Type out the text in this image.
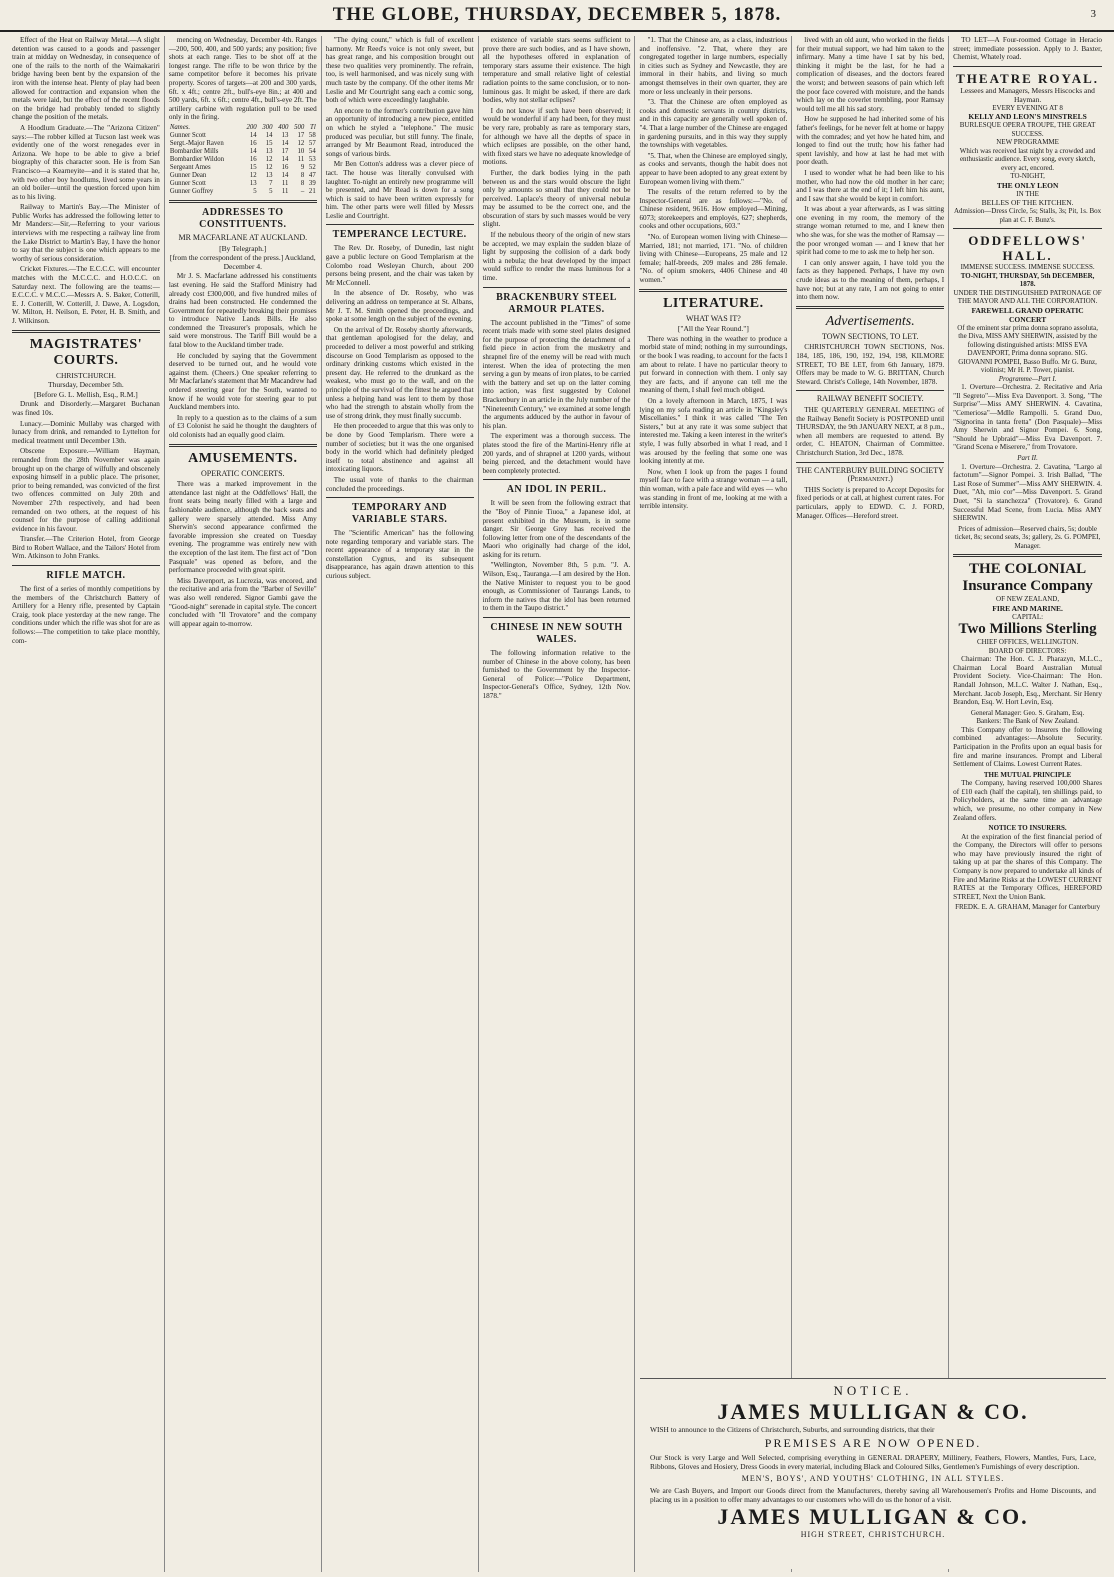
THE GLOBE, THURSDAY, DECEMBER 5, 1878.	3

Effect of the Heat on Railway Metal.—A slight detention was caused to a goods and passenger train at midday on Wednesday, in consequence of one of the rails to the north of the Waimakariri bridge having been bent by the expansion of the iron with the intense heat. Plenty of play had been allowed for contraction and expansion when the metals were laid, but the effect of the recent floods on the bridge had probably tended to slightly change the position of the metals.

A Hoodlum Graduate.—The "Arizona Citizen" says:—The robber killed at Tucson last week was evidently one of the worst renegades ever in Arizona. We hope to be able to give a brief biography of this character soon. He is from San Francisco—a Kearneyite—and it is stated that he, with two other boy hoodlums, lived some years in an old boiler—until the question forced upon him as to his living.

Railway to Martin's Bay.—The Minister of Public Works has addressed the following letter to Mr Manders:—Sir,—Referring to your various interviews with me respecting a railway line from the Lake District to Martin's Bay, I have the honor to say that the subject is one which appears to me worthy of serious consideration.

Cricket Fixtures.—The E.C.C.C. will encounter matches with the M.C.C.C. and H.O.C.C. on Saturday next. The following are the teams:—E.C.C.C. v M.C.C.—Messrs A. S. Baker, Cotterill, E. J. Cotterill, W. Cotterill, J. Dawe, A. Logsdon, W. Milton, H. Neilson, E. Peter, H. B. Smith, and J. Wilkinson.

MAGISTRATES' COURTS.
CHRISTCHURCH.
Thursday, December 5th.
[Before G. L. Mellish, Esq., R.M.]

Drunk and Disorderly.—Margaret Buchanan was fined 10s.

Lunacy.—Dominic Mullaby was charged with lunacy from drink, and remanded to Lyttelton for medical treatment until December 13th.

Obscene Exposure.—William Hayman, remanded from the 28th November was again brought up on the charge of wilfully and obscenely exposing himself in a public place. The prisoner, prior to being remanded, was convicted of the first two offences committed on July 20th and November 27th respectively, and had been remanded on two others, at the request of his counsel for the purpose of calling additional evidence in his favour.

Transfer.—The Criterion Hotel, from George Bird to Robert Wallace, and the Tailors' Hotel from Wm. Atkinson to John Franks.

RIFLE MATCH.

The first of a series of monthly competitions by the members of the Christchurch Battery of Artillery for a Henry rifle, presented by Captain Craig, took place yesterday at the new range. The conditions under which the rifle was shot for are as follows:—The competition to take place monthly, com-

mencing on Wednesday, December 4th. Ranges—200, 500, 400, and 500 yards; any position; five shots at each range. Ties to be shot off at the longest range. The rifle to be won thrice by the same competitor before it becomes his private property. Scores of targets—at 200 and 300 yards, 6ft. x 4ft.; centre 2ft., bull's-eye 8in.; at 400 and 500 yards, 6ft. x 6ft.; centre 4ft., bull's-eye 2ft. The artillery carbine with regulation pull to be used only in the firing.

Names.	200	300	400	500	Tl
Gunner Scott	14	14	13	17	58
Sergt.-Major Raven	16	15	14	12	57
Bombardier Mills	14	13	17	10	54
Bombardier Wildon	16	12	14	11	53
Sergeant Ames	15	12	16	9	52
Gunner Dean	12	13	14	8	47
Gunner Scott	13	7	11	8	39
Gunner Goffrey	5	5	11	–	21
ADDRESSES TO CONSTITUENTS.
MR MACFARLANE AT AUCKLAND.
[By Telegraph.]
[from the correspondent of the press.] Auckland, December 4.

Mr J. S. Macfarlane addressed his constituents last evening. He said the Stafford Ministry had already cost £300,000, and five hundred miles of drains had been constructed. He condemned the Government for repeatedly breaking their promises to introduce Native Lands Bills. He also condemned the Treasurer's proposals, which he said were monstrous. The Tariff Bill would be a fatal blow to the Auckland timber trade.

He concluded by saying that the Government deserved to be turned out, and he would vote against them. (Cheers.) One speaker referring to Mr Macfarlane's statement that Mr Macandrew had ordered steering gear for the South, wanted to know if he would vote for steering gear to put Auckland members into.

In reply to a question as to the claims of a sum of £3 Colonist he said he thought the daughters of old colonists had an equally good claim.

AMUSEMENTS.
OPERATIC CONCERTS.

There was a marked improvement in the attendance last night at the Oddfellows' Hall, the front seats being nearly filled with a large and fashionable audience, although the back seats and gallery were sparsely attended. Miss Amy Sherwin's second appearance confirmed the favorable impression she created on Tuesday evening. The programme was entirely new with the exception of the last item. The first act of "Don Pasquale" was opened as before, and the performance proceeded with great spirit.

Miss Davenport, as Lucrezia, was encored, and the recitative and aria from the "Barber of Seville" was also well rendered. Signor Gambi gave the "Good-night" serenade in capital style. The concert concluded with "Il Trovatore" and the company will appear again to-morrow.

"The dying count," which is full of excellent harmony. Mr Reed's voice is not only sweet, but has great range, and his composition brought out these two qualities very prominently. The refrain, too, is well harmonised, and was nicely sung with much taste by the company. Of the other items Mr Leslie and Mr Courtright sang each a comic song, both of which were exceedingly laughable.

An encore to the former's contribution gave him an opportunity of introducing a new piece, entitled on which he styled a "telephone." The music produced was peculiar, but still funny. The finale, arranged by Mr Beaumont Read, introduced the songs of various birds.

Mr Ben Cotton's address was a clever piece of tact. The house was literally convulsed with laughter. To-night an entirely new programme will be presented, and Mr Read is down for a song which is said to have been written expressly for him. The other parts were well filled by Messrs Leslie and Courtright.

TEMPERANCE LECTURE.

The Rev. Dr. Roseby, of Dunedin, last night gave a public lecture on Good Templarism at the Colombo road Wesleyan Church, about 200 persons being present, and the chair was taken by Mr McConnell.

In the absence of Dr. Roseby, who was delivering an address on temperance at St. Albans, Mr J. T. M. Smith opened the proceedings, and spoke at some length on the subject of the evening.

On the arrival of Dr. Roseby shortly afterwards, that gentleman apologised for the delay, and proceeded to deliver a most powerful and striking discourse on Good Templarism as opposed to the ordinary drinking customs which existed in the present day. He referred to the drunkard as the weakest, who must go to the wall, and on the principle of the survival of the fittest he argued that unless a helping hand was lent to them by those who had the strength to abstain wholly from the use of strong drink, they must finally succumb.

He then proceeded to argue that this was only to be done by Good Templarism. There were a number of societies; but it was the one organised body in the world which had definitely pledged itself to total abstinence and against all intoxicating liquors.

The usual vote of thanks to the chairman concluded the proceedings.

TEMPORARY AND VARIABLE STARS.

The "Scientific American" has the following note regarding temporary and variable stars. The recent appearance of a temporary star in the constellation Cygnus, and its subsequent disappearance, has again drawn attention to this curious subject.

existence of variable stars seems sufficient to prove there are such bodies, and as I have shown, all the hypotheses offered in explanation of temporary stars assume their existence. The high temperature and small relative light of celestial radiation points to the same conclusion, or to non-luminous gas. It might be asked, if there are dark bodies, why not stellar eclipses?

I do not know if such have been observed; it would be wonderful if any had been, for they must be very rare, probably as rare as temporary stars, for although we have all the depths of space in which eclipses are possible, on the other hand, with fixed stars we have no adequate knowledge of motions.

Further, the dark bodies lying in the path between us and the stars would obscure the light only by amounts so small that they could not be perceived. Laplace's theory of universal nebulæ may be assumed to be the correct one, and the obscuration of stars by such masses would be very slight.

If the nebulous theory of the origin of new stars be accepted, we may explain the sudden blaze of light by supposing the collision of a dark body with a nebula; the heat developed by the impact would suffice to render the mass luminous for a time.

BRACKENBURY STEEL ARMOUR PLATES.

The account published in the "Times" of some recent trials made with some steel plates designed for the purpose of protecting the detachment of a field piece in action from the musketry and shrapnel fire of the enemy will be read with much interest. When the idea of protecting the men serving a gun by means of iron plates, to be carried with the battery and set up on the latter coming into action, was first suggested by Colonel Brackenbury in an article in the July number of the "Nineteenth Century," we examined at some length the arguments adduced by the author in favour of his plan.

The experiment was a thorough success. The plates stood the fire of the Martini-Henry rifle at 200 yards, and of shrapnel at 1200 yards, without being pierced, and the detachment would have been completely protected.

AN IDOL IN PERIL.

It will be seen from the following extract that the "Boy of Pinnie Tiuoa," a Japanese idol, at present exhibited in the Museum, is in some danger. Sir George Grey has received the following letter from one of the descendants of the Maori who originally had charge of the idol, asking for its return.

"Wellington, November 8th, 5 p.m. "J. A. Wilson, Esq., Tauranga.—I am desired by the Hon. the Native Minister to request you to be good enough, as Commissioner of Taurangs Lands, to inform the natives that the idol has been returned to them in the Taupo district."

CHINESE IN NEW SOUTH WALES.

The following information relative to the number of Chinese in the above colony, has been furnished to the Government by the Inspector-General of Police:—"Police Department, Inspector-General's Office, Sydney, 12th Nov. 1878."

"1. That the Chinese are, as a class, industrious and inoffensive. "2. That, where they are congregated together in large numbers, especially in cities such as Sydney and Newcastle, they are immoral in their habits, and living so much amongst themselves in their own quarter, they are more or less uncleanly in their persons.

"3. That the Chinese are often employed as cooks and domestic servants in country districts, and in this capacity are generally well spoken of. "4. That a large number of the Chinese are engaged in gardening pursuits, and in this way they supply the townships with vegetables.

"5. That, when the Chinese are employed singly, as cooks and servants, though the habit does not appear to have been adopted to any great extent by European women living with them."

The results of the return referred to by the Inspector-General are as follows:—"No. of Chinese resident, 9616. How employed—Mining, 6073; storekeepers and employés, 627; shepherds, cooks and other occupations, 603."

"No. of European women living with Chinese—Married, 181; not married, 171. "No. of children living with Chinese—Europeans, 25 male and 12 female; half-breeds, 209 males and 286 female. "No. of opium smokers, 4406 Chinese and 40 women."

LITERATURE.
WHAT WAS IT?
["All the Year Round."]

There was nothing in the weather to produce a morbid state of mind; nothing in my surroundings, or the book I was reading, to account for the facts I am about to relate. I have no particular theory to put forward in connection with them. I only say they are facts, and if anyone can tell me the meaning of them, I shall feel much obliged.

On a lovely afternoon in March, 1875, I was lying on my sofa reading an article in "Kingsley's Miscellanies." I think it was called "The Ten Sisters," but at any rate it was some subject that interested me. Taking a keen interest in the writer's style, I was fully absorbed in what I read, and I was aroused by the feeling that some one was looking intently at me.

Now, when I look up from the pages I found myself face to face with a strange woman — a tall, thin woman, with a pale face and wild eyes — who was standing in front of me, looking at me with a terrible intensity.

lived with an old aunt, who worked in the fields for their mutual support, we had him taken to the infirmary. Many a time have I sat by his bed, thinking it might be the last, for he had a complication of diseases, and the doctors feared the worst; and between seasons of pain which left the poor face covered with moisture, and the hands which lay on the coverlet trembling, poor Ramsay would tell me all his sad story.

How he supposed he had inherited some of his father's feelings, for he never felt at home or happy with the comrades; and yet how he hated him, and longed to find out the truth; how his father had spent lavishly, and how at last he had met with poor death.

I used to wonder what he had been like to his mother, who had now the old mother in her care; and I was there at the end of it; I left him his aunt, and I saw that she would be kept in comfort.

It was about a year afterwards, as I was sitting one evening in my room, the memory of the strange woman returned to me, and I knew then who she was, for she was the mother of Ramsay — the poor wronged woman — and I knew that her spirit had come to me to ask me to help her son.

I can only answer again, I have told you the facts as they happened. Perhaps, I have my own crude ideas as to the meaning of them, perhaps, I have not; but at any rate, I am not going to enter into them now.

Advertisements.
TOWN SECTIONS, TO LET.

CHRISTCHURCH TOWN SECTIONS, Nos. 184, 185, 186, 190, 192, 194, 198, KILMORE STREET, TO BE LET, from 6th January, 1879. Offers may be made to W. G. BRITTAN, Church Steward. Christ's College, 14th November, 1878.

RAILWAY BENEFIT SOCIETY.

THE QUARTERLY GENERAL MEETING of the Railway Benefit Society is POSTPONED until THURSDAY, the 9th JANUARY NEXT, at 8 p.m., when all members are requested to attend. By order, C. HEATON, Chairman of Committee. Christchurch Station, 3rd Dec., 1878.

THE CANTERBURY BUILDING SOCIETY (Permanent.)

THIS Society is prepared to Accept Deposits for fixed periods or at call, at highest current rates. For particulars, apply to EDWD. C. J. FORD, Manager. Offices—Hereford street.

TO LET—A Four-roomed Cottage in Heracio street; immediate possession. Apply to J. Baxter, Chemist, Whately road.

THEATRE ROYAL.
Lessees and Managers, Messrs Hiscocks and Hayman.
EVERY EVENING AT 8
KELLY AND LEON'S MINSTRELS
BURLESQUE OPERA TROUPE, THE GREAT SUCCESS.
NEW PROGRAMME
Which was received last night by a crowded and enthusiastic audience. Every song, every sketch, every act, encored.
TO-NIGHT,
THE ONLY LEON
IN THE
BELLES OF THE KITCHEN.
Admission—Dress Circle, 5s; Stalls, 3s; Pit, 1s. Box plan at C. F. Bunz's.
ODDFELLOWS' HALL.
IMMENSE SUCCESS. IMMENSE SUCCESS.
TO-NIGHT, THURSDAY, 5th DECEMBER, 1878.
UNDER THE DISTINGUISHED PATRONAGE OF THE MAYOR AND ALL THE CORPORATION.
FAREWELL GRAND OPERATIC CONCERT
Of the eminent star prima donna soprano assoluta, the Diva, MISS AMY SHERWIN, assisted by the following distinguished artists: MISS EVA DAVENPORT, Prima donna soprano. SIG. GIOVANNI POMPEI, Basso Buffo. Mr G. Bunz, violinist; Mr H. P. Tower, pianist.
Programme—Part I.

1. Overture—Orchestra. 2. Recitative and Aria "Il Segreto"—Miss Eva Davenport. 3. Song, "The Surprise"—Miss AMY SHERWIN. 4. Cavatina, "Cemeriosa"—Mdlle Rampolli. 5. Grand Duo, "Signorina in tanta fretta" (Don Pasquale)—Miss Amy Sherwin and Signor Pompei. 6. Song, "Should he Upbraid"—Miss Eva Davenport. 7. "Grand Scena e Miserere," from Trovatore.

Part II.

1. Overture—Orchestra. 2. Cavatina, "Largo al factotum"—Signor Pompei. 3. Irish Ballad, "The Last Rose of Summer"—Miss AMY SHERWIN. 4. Duet, "Ah, mio cor"—Miss Davenport. 5. Grand Duet, "Si la stanchezza" (Trovatore). 6. Grand Successful Mad Scene, from Lucia. Miss AMY SHERWIN.

Prices of admission—Reserved chairs, 5s; double ticket, 8s; second seats, 3s; gallery, 2s. G. POMPEI, Manager.
THE COLONIAL Insurance Company
OF NEW ZEALAND,
FIRE AND MARINE.
CAPITAL:
Two Millions Sterling
CHIEF OFFICES, WELLINGTON.
BOARD OF DIRECTORS:

Chairman: The Hon. C. J. Pharazyn, M.L.C., Chairman Local Board Australian Mutual Provident Society. Vice-Chairman: The Hon. Randall Johnson, M.L.C. Walter J. Nathan, Esq., Merchant. Jacob Joseph, Esq., Merchant. Sir Henry Brandon, Esq. W. Hort Levin, Esq.

General Manager: Geo. S. Graham, Esq.
Bankers: The Bank of New Zealand.

This Company offer to Insurers the following combined advantages:—Absolute Security. Participation in the Profits upon an equal basis for fire and marine insurances. Prompt and Liberal Settlement of Claims. Lowest Current Rates.

THE MUTUAL PRINCIPLE

The Company, having reserved 100,000 Shares of £10 each (half the capital), ten shillings paid, to Policyholders, at the same time an advantage which, we presume, no other company in New Zealand offers.

NOTICE TO INSURERS.

At the expiration of the first financial period of the Company, the Directors will offer to persons who may have previously insured the right of taking up at par the shares of this Company. The Company is now prepared to undertake all kinds of Fire and Marine Risks at the LOWEST CURRENT RATES at the Temporary Offices, HEREFORD STREET, Next the Union Bank.

FREDK. E. A. GRAHAM, Manager for Canterbury
NOTICE.
JAMES MULLIGAN & CO.
WISH to announce to the Citizens of Christchurch, Suburbs, and surrounding districts, that their
PREMISES ARE NOW OPENED.
Our Stock is very Large and Well Selected, comprising everything in GENERAL DRAPERY, Millinery, Feathers, Flowers, Mantles, Furs, Lace, Ribbons, Gloves and Hosiery, Dress Goods in every material, including Black and Coloured Silks, Gentlemen's Furnishings of every description.
MEN'S, BOYS', AND YOUTHS' CLOTHING, IN ALL STYLES.
We are Cash Buyers, and Import our Goods direct from the Manufacturers, thereby saving all Warehousemen's Profits and Home Discounts, and placing us in a position to offer many advantages to our customers who will do us the honor of a visit.
JAMES MULLIGAN & CO.
HIGH STREET, CHRISTCHURCH.
